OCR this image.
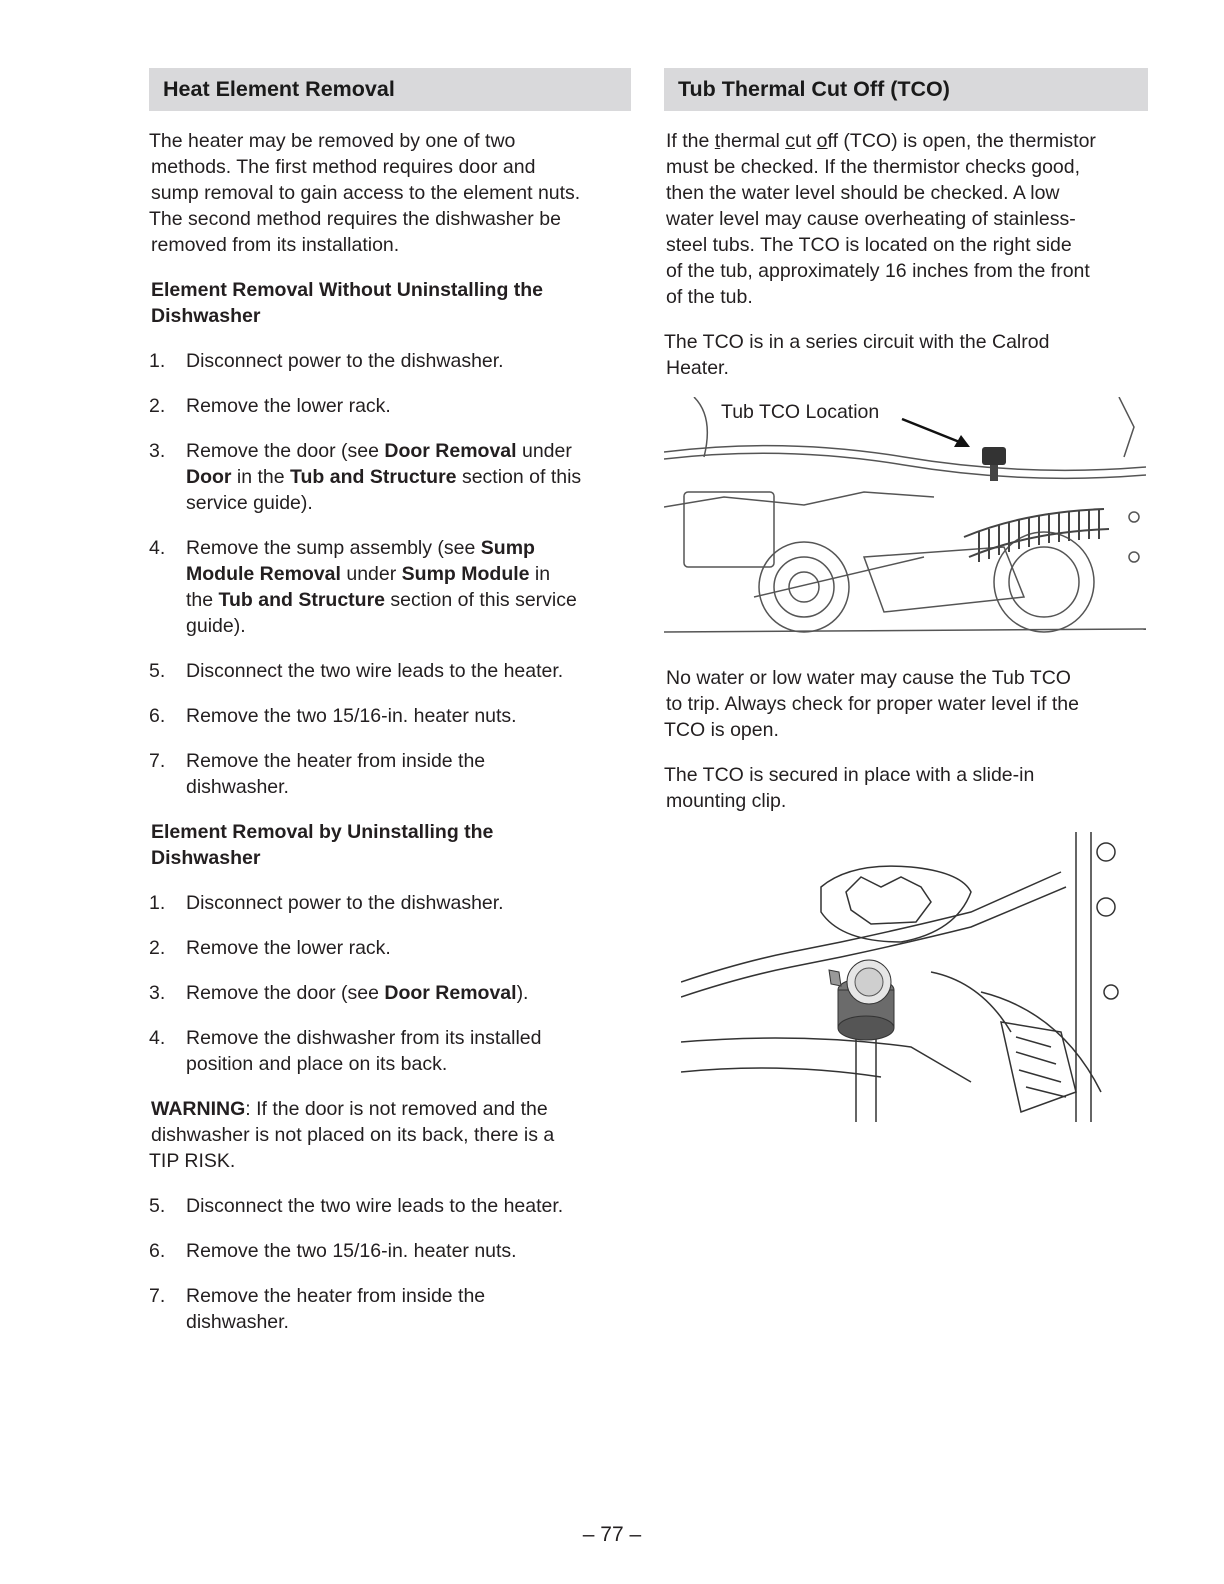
Heat Element Removal

The heater may be removed by one of two
methods. The first method requires door and
sump removal to gain access to the element nuts.
The second method requires the dishwasher be
removed from its installation.

Element Removal Without Uninstalling the
Dishwasher

1. Disconnect power to the dishwasher.
2. Remove the lower rack.
3. Remove the door (see Door Removal under
Door in the Tub and Structure section of this
service guide).
4. Remove the sump assembly (see Sump
Module Removal under Sump Module in
the Tub and Structure section of this service
guide).
5. Disconnect the two wire leads to the heater.
6. Remove the two 15/16-in. heater nuts.
7. Remove the heater from inside the
dishwasher.

Element Removal by Uninstalling the
Dishwasher

1. Disconnect power to the dishwasher.
2. Remove the lower rack.
3. Remove the door (see Door Removal).
4. Remove the dishwasher from its installed
position and place on its back.

WARNING: If the door is not removed and the
dishwasher is not placed on its back, there is a
TIP RISK.

5. Disconnect the two wire leads to the heater.
6. Remove the two 15/16-in. heater nuts.
7. Remove the heater from inside the
dishwasher.
Tub Thermal Cut Off (TCO)

If the thermal cut off (TCO) is open, the thermistor
must be checked. If the thermistor checks good,
then the water level should be checked. A low
water level may cause overheating of stainless-
steel tubs. The TCO is located on the right side
of the tub, approximately 16 inches from the front
of the tub.

The TCO is in a series circuit with the Calrod
Heater.

Tub TCO Location

No water or low water may cause the Tub TCO
to trip. Always check for proper water level if the
TCO is open.

The TCO is secured in place with a slide-in
mounting clip.

– 77 –
